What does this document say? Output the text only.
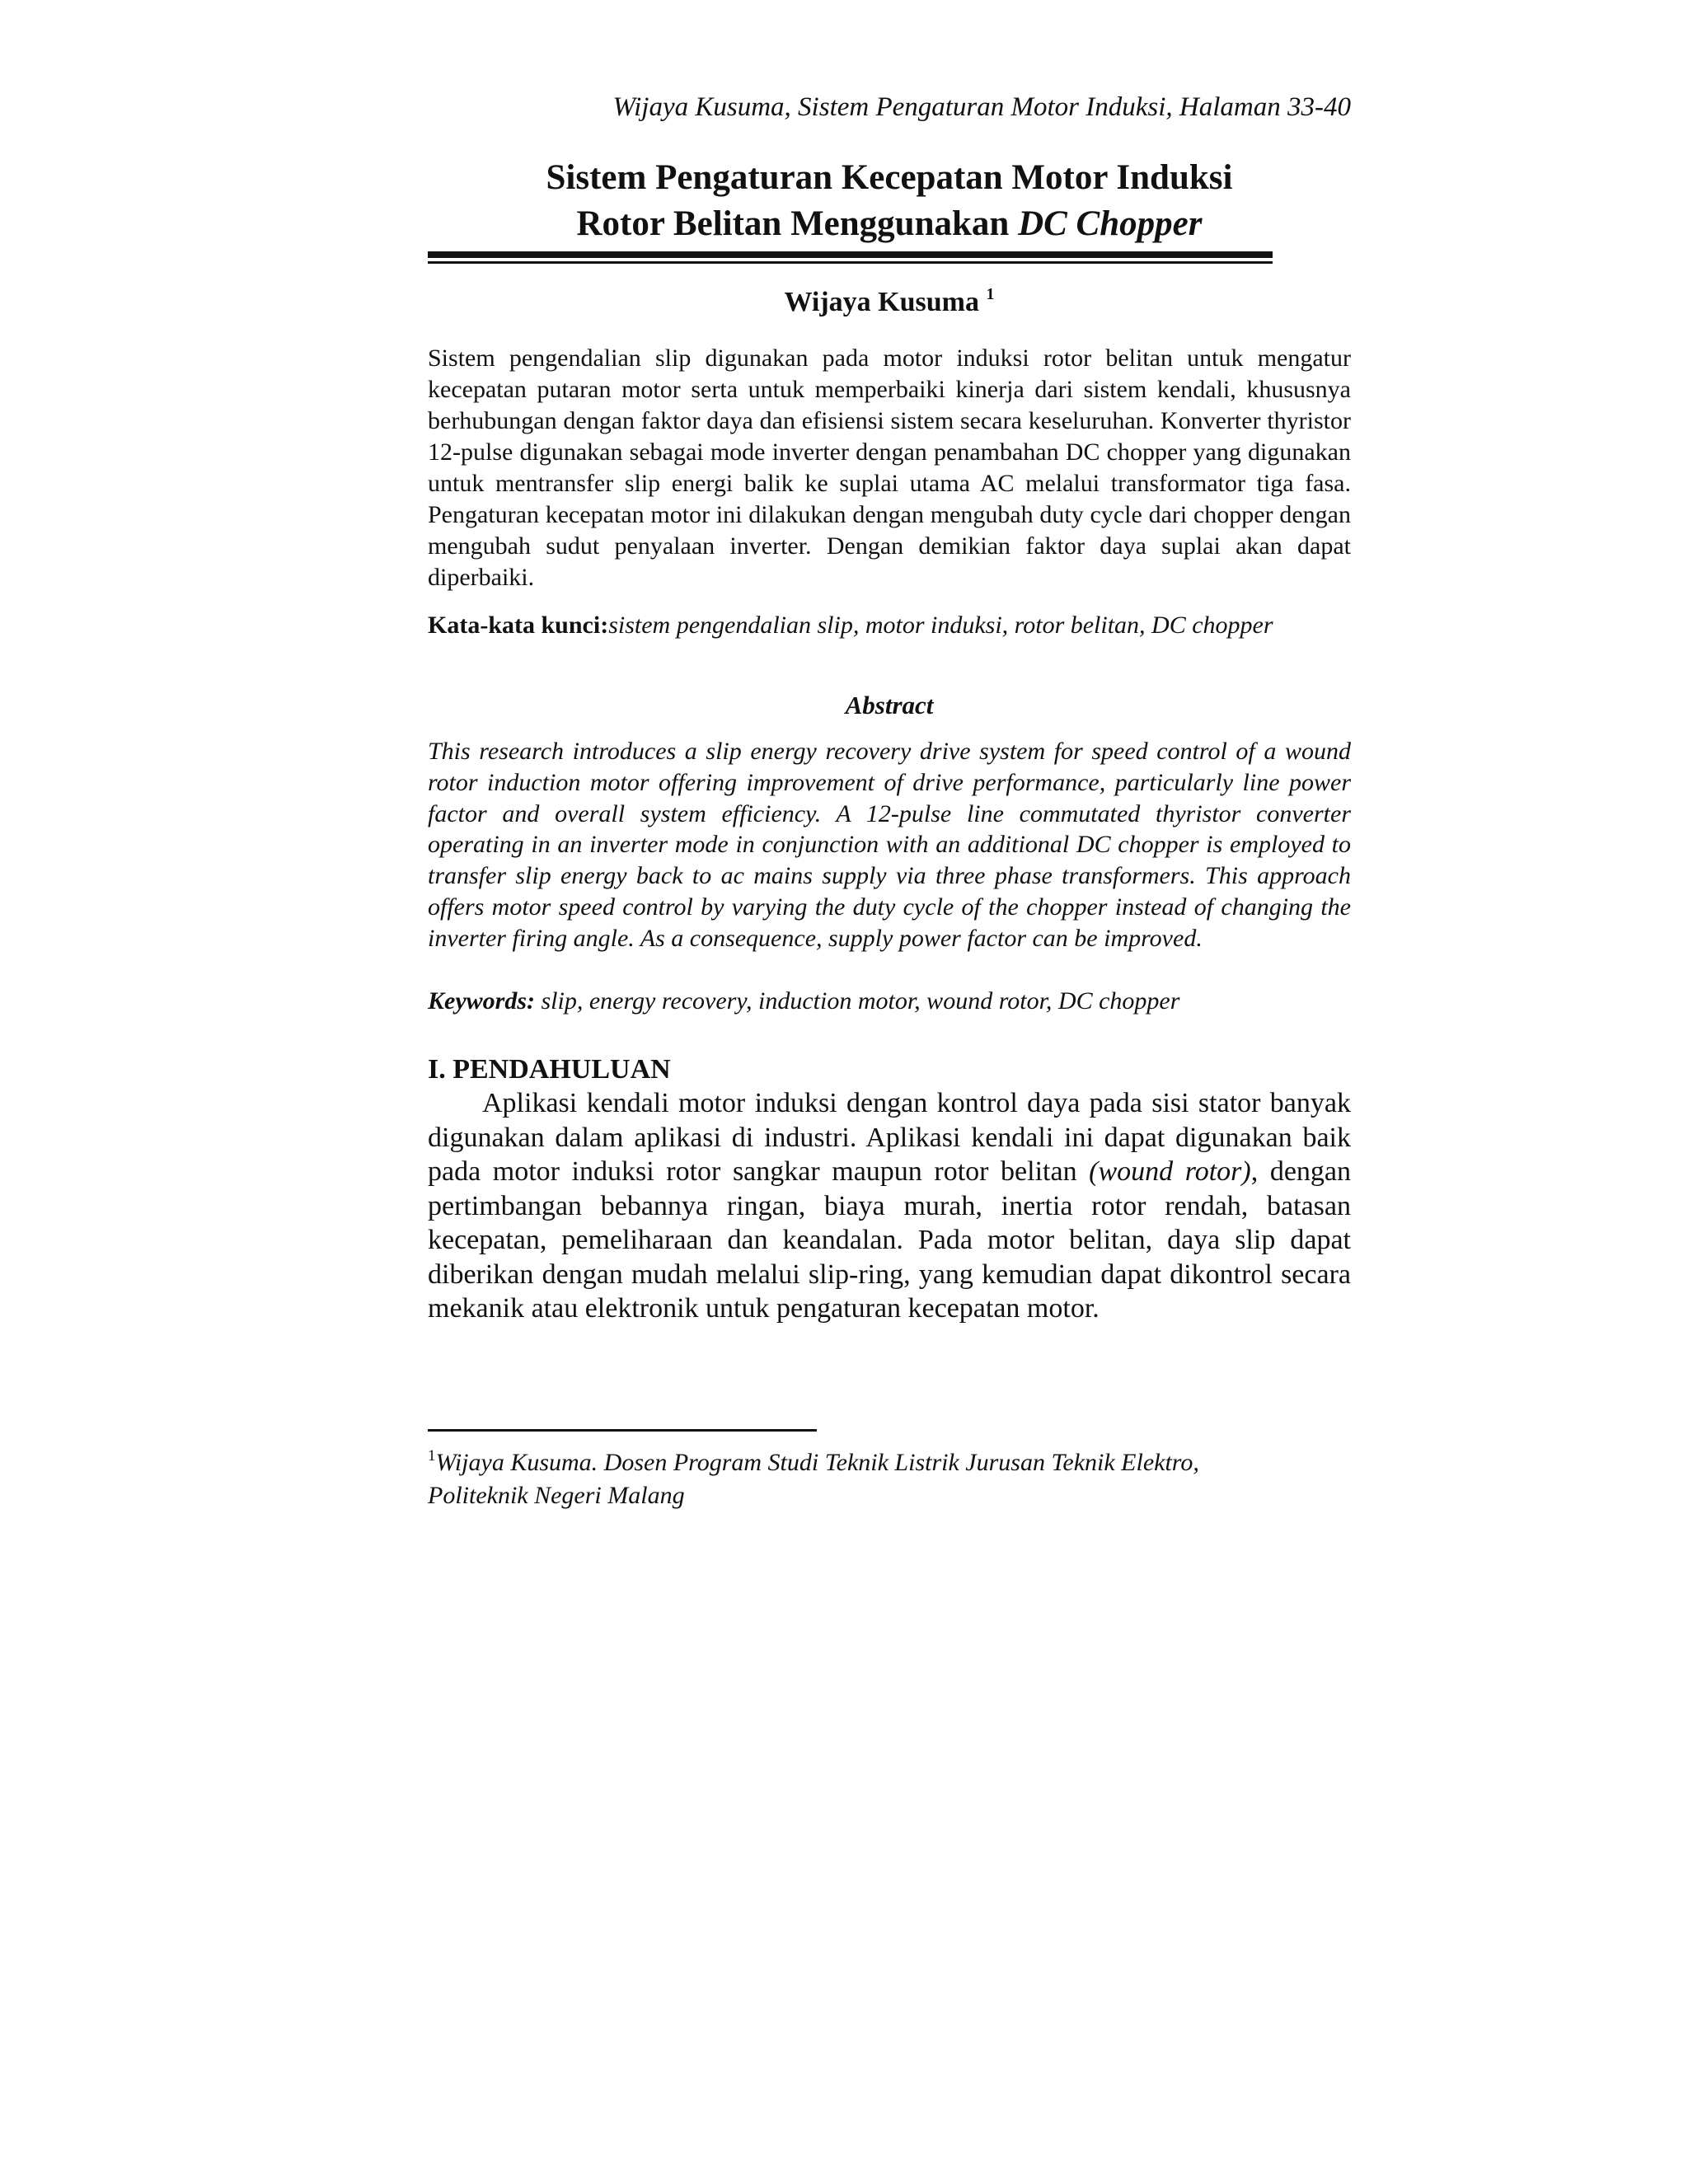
Wijaya Kusuma, Sistem Pengaturan Motor Induksi, Halaman 33-40
Sistem Pengaturan Kecepatan Motor Induksi
Rotor Belitan Menggunakan DC Chopper
Wijaya Kusuma $^1$
Sistem pengendalian slip digunakan pada motor induksi rotor belitan untuk mengatur kecepatan putaran motor serta untuk memperbaiki kinerja dari sistem kendali, khususnya berhubungan dengan faktor daya dan efisiensi sistem secara keseluruhan. Konverter thyristor 12-pulse digunakan sebagai mode inverter dengan penambahan DC chopper yang digunakan untuk mentransfer slip energi balik ke suplai utama AC melalui transformator tiga fasa. Pengaturan kecepatan motor ini dilakukan dengan mengubah duty cycle dari chopper dengan mengubah sudut penyalaan inverter. Dengan demikian faktor daya suplai akan dapat diperbaiki.
Kata-kata kunci:sistem pengendalian slip, motor induksi, rotor belitan, DC chopper
Abstract
This research introduces a slip energy recovery drive system for speed control of a wound rotor induction motor offering improvement of drive performance, particularly line power factor and overall system efficiency. A 12-pulse line commutated thyristor converter operating in an inverter mode in conjunction with an additional DC chopper is employed to transfer slip energy back to ac mains supply via three phase transformers. This approach offers motor speed control by varying the duty cycle of the chopper instead of changing the inverter firing angle. As a consequence, supply power factor can be improved.
Keywords: slip, energy recovery, induction motor, wound rotor, DC chopper
I. PENDAHULUAN
Aplikasi kendali motor induksi dengan kontrol daya pada sisi stator banyak digunakan dalam aplikasi di industri. Aplikasi kendali ini dapat digunakan baik pada motor induksi rotor sangkar maupun rotor belitan (wound rotor), dengan pertimbangan bebannya ringan, biaya murah, inertia rotor rendah, batasan kecepatan, pemeliharaan dan keandalan. Pada motor belitan, daya slip dapat diberikan dengan mudah melalui slip-ring, yang kemudian dapat dikontrol secara mekanik atau elektronik untuk pengaturan kecepatan motor.
$^1$Wijaya Kusuma. Dosen Program Studi Teknik Listrik Jurusan Teknik Elektro,
Politeknik Negeri Malang
